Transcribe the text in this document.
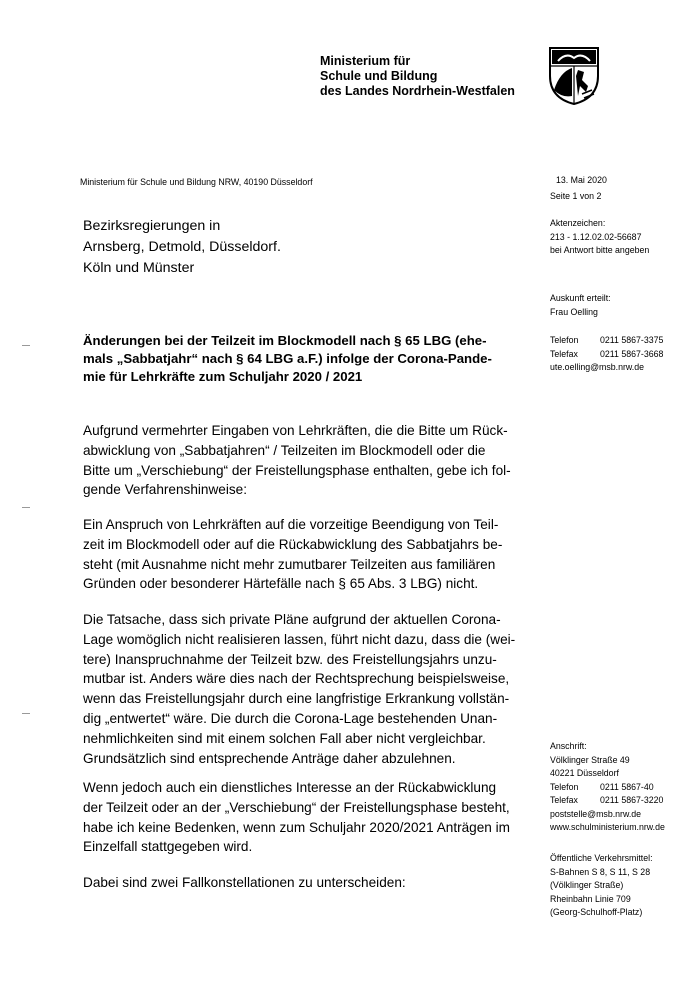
Ministerium für
Schule und Bildung
des Landes Nordrhein-Westfalen
Ministerium für Schule und Bildung NRW, 40190 Düsseldorf	13. Mai 2020
Seite 1 von 2
Bezirksregierungen in
Arnsberg, Detmold, Düsseldorf.
Köln und Münster
Aktenzeichen:
213 - 1.12.02.02-56687
bei Antwort bitte angeben
Auskunft erteilt:
Frau Oelling
Telefon	0211 5867-3375
Telefax	0211 5867-3668
ute.oelling@msb.nrw.de
Änderungen bei der Teilzeit im Blockmodell nach § 65 LBG (ehe-
mals „Sabbatjahr“ nach § 64 LBG a.F.) infolge der Corona-Pande-
mie für Lehrkräfte zum Schuljahr 2020 / 2021
Aufgrund vermehrter Eingaben von Lehrkräften, die die Bitte um Rück-
abwicklung von „Sabbatjahren“ / Teilzeiten im Blockmodell oder die
Bitte um „Verschiebung“ der Freistellungsphase enthalten, gebe ich fol-
gende Verfahrenshinweise:
Ein Anspruch von Lehrkräften auf die vorzeitige Beendigung von Teil-
zeit im Blockmodell oder auf die Rückabwicklung des Sabbatjahrs be-
steht (mit Ausnahme nicht mehr zumutbarer Teilzeiten aus familiären
Gründen oder besonderer Härtefälle nach § 65 Abs. 3 LBG) nicht.
Die Tatsache, dass sich private Pläne aufgrund der aktuellen Corona-
Lage womöglich nicht realisieren lassen, führt nicht dazu, dass die (wei-
tere) Inanspruchnahme der Teilzeit bzw. des Freistellungsjahrs unzu-
mutbar ist. Anders wäre dies nach der Rechtsprechung beispielsweise,
wenn das Freistellungsjahr durch eine langfristige Erkrankung vollstän-
dig „entwertet“ wäre. Die durch die Corona-Lage bestehenden Unan-
nehmlichkeiten sind mit einem solchen Fall aber nicht vergleichbar.
Grundsätzlich sind entsprechende Anträge daher abzulehnen.
Wenn jedoch auch ein dienstliches Interesse an der Rückabwicklung
der Teilzeit oder an der „Verschiebung“ der Freistellungsphase besteht,
habe ich keine Bedenken, wenn zum Schuljahr 2020/2021 Anträgen im
Einzelfall stattgegeben wird.
Dabei sind zwei Fallkonstellationen zu unterscheiden:
Anschrift:
Völklinger Straße 49
40221 Düsseldorf
Telefon	0211 5867-40
Telefax	0211 5867-3220
poststelle@msb.nrw.de
www.schulministerium.nrw.de
Öffentliche Verkehrsmittel:
S-Bahnen S 8, S 11, S 28
(Völklinger Straße)
Rheinbahn Linie 709
(Georg-Schulhoff-Platz)
